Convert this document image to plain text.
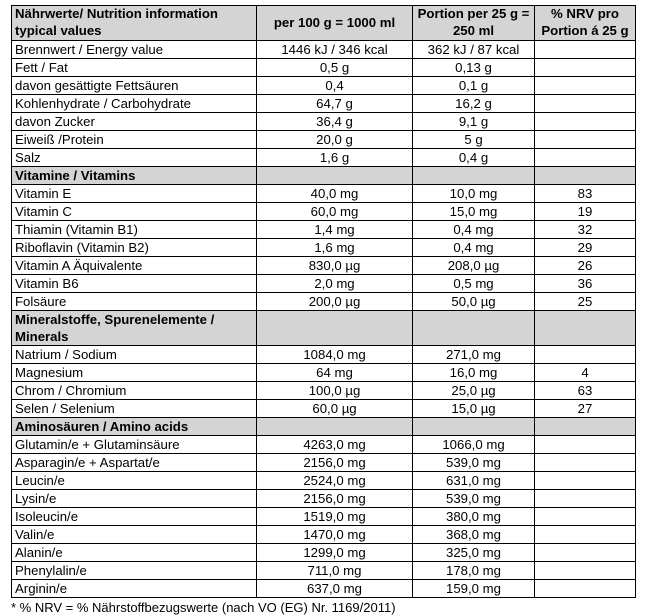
Nährwerte/ Nutrition information typical values	per 100 g = 1000 ml	Portion per 25 g = 250 ml	% NRV pro Portion á 25 g
Brennwert / Energy value	1446 kJ / 346 kcal	362 kJ / 87 kcal	
Fett / Fat	0,5 g	0,13 g	
davon gesättigte Fettsäuren	0,4	0,1 g	
Kohlenhydrate / Carbohydrate	64,7 g	16,2 g	
davon Zucker	36,4 g	9,1 g	
Eiweiß /Protein	20,0 g	5 g	
Salz	1,6 g	0,4 g	
Vitamine / Vitamins			
Vitamin E	40,0 mg	10,0 mg	83
Vitamin C	60,0 mg	15,0 mg	19
Thiamin (Vitamin B1)	1,4 mg	0,4 mg	32
Riboflavin (Vitamin B2)	1,6 mg	0,4 mg	29
Vitamin A Äquivalente	830,0 µg	208,0 µg	26
Vitamin B6	2,0 mg	0,5 mg	36
Folsäure	200,0 µg	50,0 µg	25
Mineralstoffe, Spurenelemente / Minerals			
Natrium / Sodium	1084,0 mg	271,0 mg	
Magnesium	64 mg	16,0 mg	4
Chrom / Chromium	100,0 µg	25,0 µg	63
Selen / Selenium	60,0 µg	15,0 µg	27
Aminosäuren / Amino acids			
Glutamin/e + Glutaminsäure	4263,0 mg	1066,0 mg	
Asparagin/e + Aspartat/e	2156,0 mg	539,0 mg	
Leucin/e	2524,0 mg	631,0 mg	
Lysin/e	2156,0 mg	539,0 mg	
Isoleucin/e	1519,0 mg	380,0 mg	
Valin/e	1470,0 mg	368,0 mg	
Alanin/e	1299,0 mg	325,0 mg	
Phenylalin/e	711,0 mg	178,0 mg	
Arginin/e	637,0 mg	159,0 mg	
* % NRV = % Nährstoffbezugswerte (nach VO (EG) Nr. 1169/2011)
